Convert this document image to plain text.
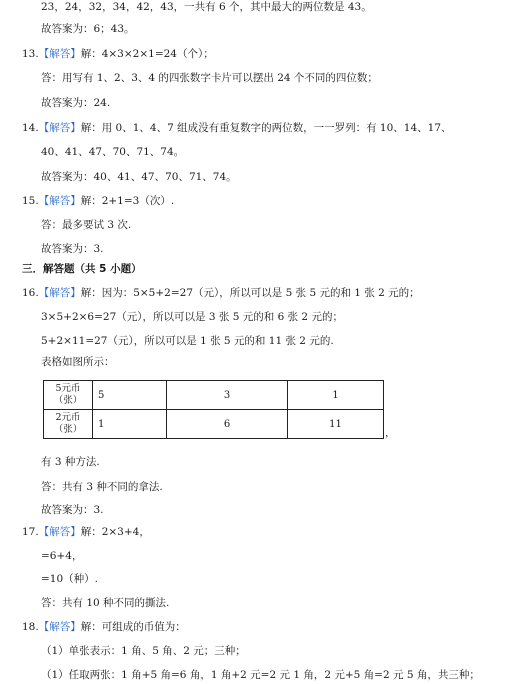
23，24，32，34，42，43，一共有 6 个，其中最大的两位数是 43。
故答案为：6；43。
13.【解答】解：4×3×2×1=24（个）；
答：用写有 1、2、3、4 的四张数字卡片可以摆出 24 个不同的四位数；
故答案为：24.
14.【解答】解：用 0、1、4、7 组成没有重复数字的两位数，一一罗列：有 10、14、17、
40、41、47、70、71、74。
故答案为：40、41、47、70、71、74。
15.【解答】解：2+1=3（次）.
答：最多要试 3 次.
故答案为：3.
三．解答题（共 5 小题）
16.【解答】解：因为：5×5+2=27（元），所以可以是 5 张 5 元的和 1 张 2 元的；
3×5+2×6=27（元），所以可以是 3 张 5 元的和 6 张 2 元的；
5+2×11=27（元），所以可以是 1 张 5 元的和 11 张 2 元的.
表格如图所示：
有 3 种方法.
答：共有 3 种不同的拿法.
故答案为：3.
17.【解答】解：2×3+4，
=6+4，
=10（种）.
答：共有 10 种不同的撕法.
18.【解答】解：可组成的币值为：
（1）单张表示：1 角、5 角、2 元；三种；
（1）任取两张：1 角+5 角=6 角，1 角+2 元=2 元 1 角，2 元+5 角=2 元 5 角，共三种；
5元币
（张）	5	3	1

2元币
（张）	1	6	11
，
